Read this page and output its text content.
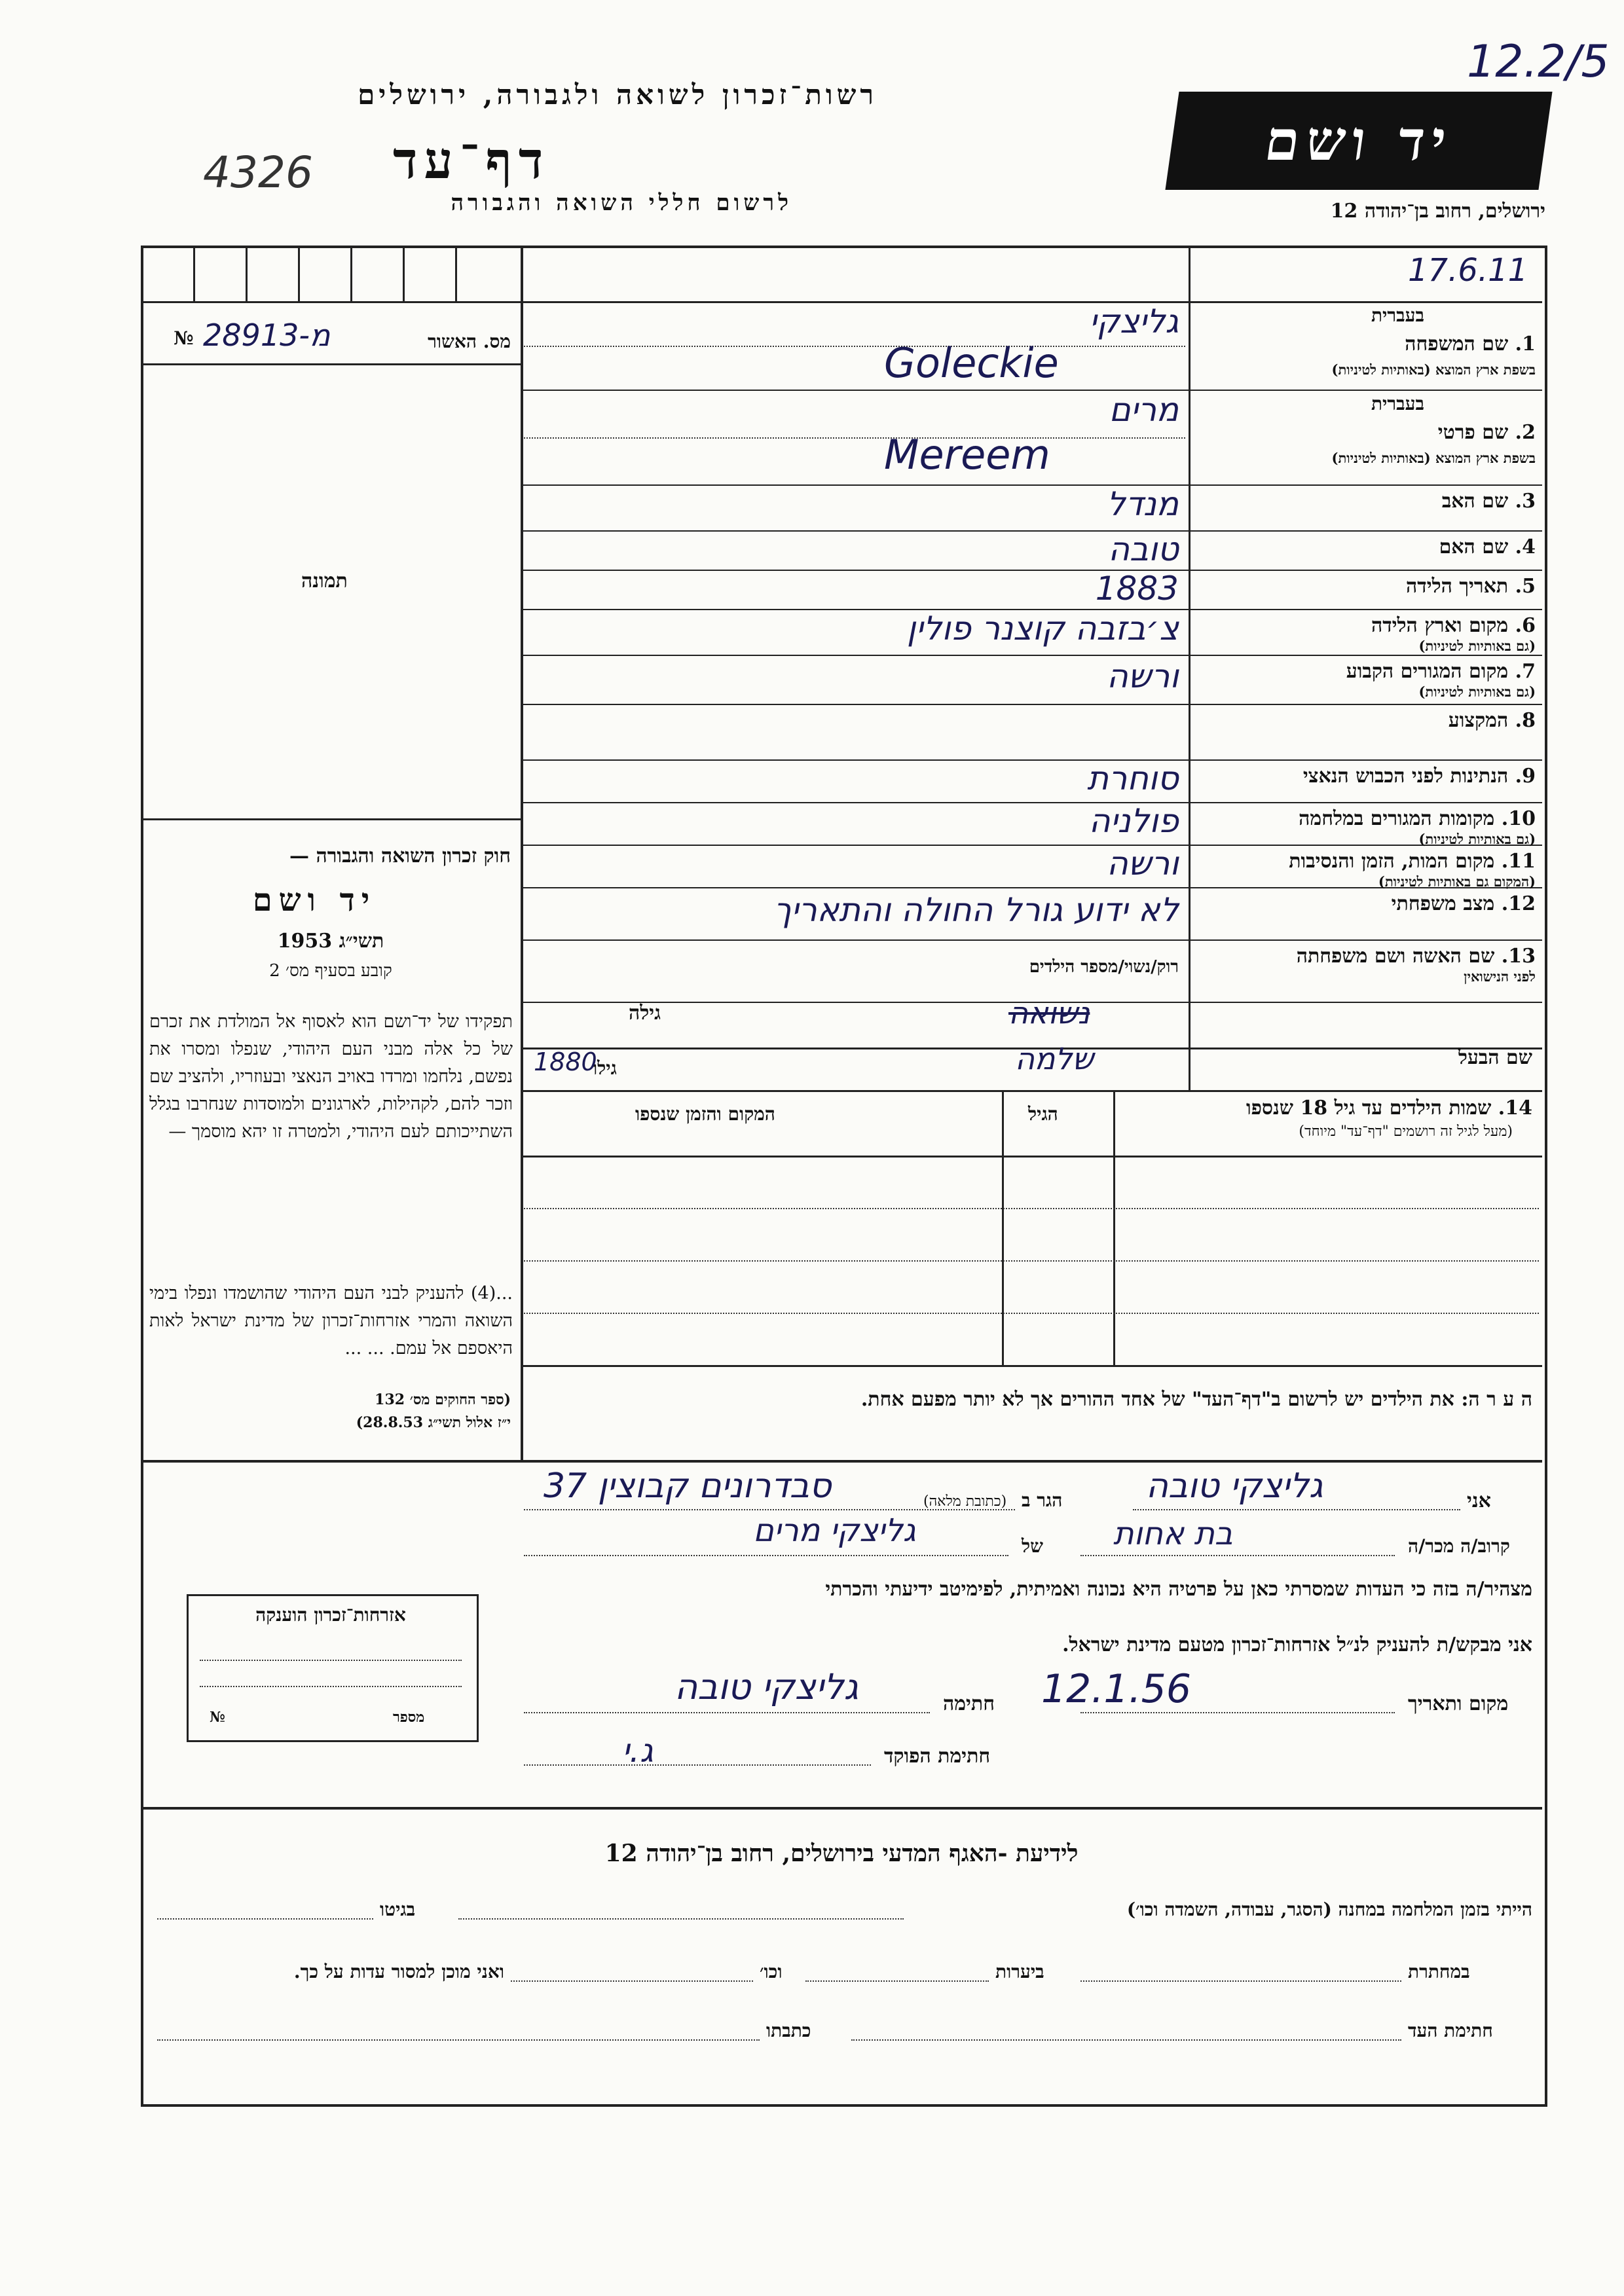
12.2/5
רשות־זכרון לשואה ולגבורה, ירושלים
4326 דף־עד
לרשום חללי השואה והגבורה
יד ושם
ירושלים, רחוב בן־יהודה 12
17.6.11
מס. האשור
№ 289מ-13
תמונה
חוק זכרון השואה והגבורה —
יד ושם
תשי״ג 1953
קובע בסעיף מס׳ 2
תפקידו של יד־ושם הוא לאסוף אל המולדת את זכרם של כל אלה מבני העם היהודי, שנפלו ומסרו את נפשם, נלחמו ומרדו באויב הנאצי ובעוזריו, ולהציב שם וזכר להם, לקהילות, לארגונים ולמוסדות שנחרבו בגלל השתייכותם לעם היהודי, ולמטרה זו יהא מוסמך —
...(4) להעניק לבני העם היהודי שהושמדו ונפלו בימי השואה והמרי אזרחות־זכרון של מדינת ישראל לאות היאספם אל עמם. ... ...
(ספר החוקים מס׳ 132
י״ז אלול תשי״ג 28.8.53)
1. שם המשפחה
בעברית
בשפת ארץ המוצא (באותיות לטיניות)
גליצקי
Goleckie
2. שם פרטי
בעברית
בשפת ארץ המוצא (באותיות לטיניות)
מרים
Mereem
3. שם האב
מנדל
4. שם האם
טובה
5. תאריך הלידה
1883
6. מקום וארץ הלידה
(גם באותיות לטיניות)
צ׳בזבה קוצנר פולין
7. מקום המגורים הקבוע
(גם באותיות לטיניות)
ורשה
8. המקצוע
9. הנתינות לפני הכבוש הנאצי
סוחרת
10. מקומות המגורים במלחמה
(גם באותיות לטיניות)
פולניה
11. מקום המות, הזמן והנסיבות
(המקום גם באותיות לטיניות)
ורשה
12. מצב משפחתי
לא ידוע גורל החולה והתאריך
13. שם האשה ושם משפחתה
לפני הנישואין
רוק/נשוי/מספר הילדים
גילה	נשואה
שם הבעל
שלמה
גילו
1880
14. שמות הילדים עד גיל 18 שנספו
(מעל לגיל זה רושמים "דף־עד" מיוחד)
הגיל
המקום והזמן שנספו
ה ע ר ה: את הילדים יש לרשום ב"דף־העד" של אחד ההורים אך לא יותר מפעם אחת.
אני
גליצקי טובה
הגר ב
(כתובת מלאה)
סבדרונים קבוצין 37
קרוב/ה מכר/ה
בת אחות
של
גליצקי מרים
מצהיר/ה בזה כי העדות שמסרתי כאן על פרטיה היא נכונה ואמיתית, לפימיטב ידיעתי והכרתי
אני מבקש/ת להעניק לנ״ל אזרחות־זכרון מטעם מדינת ישראל.
מקום ותאריך
12.1.56
חתימה
גליצקי טובה
חתימת הפוקד
ג.י
אזרחות־זכרון הוענקה
№	מספר
לידיעת -האגף המדעי בירושלים, רחוב בן־יהודה 12
הייתי בזמן המלחמה במחנה (הסגר, עבודה, השמדה וכו׳)
בגיטו
במחתרת
ביערות
וכו׳
ואני מוכן למסור עדות על כך.
חתימת העד
כתבתו
